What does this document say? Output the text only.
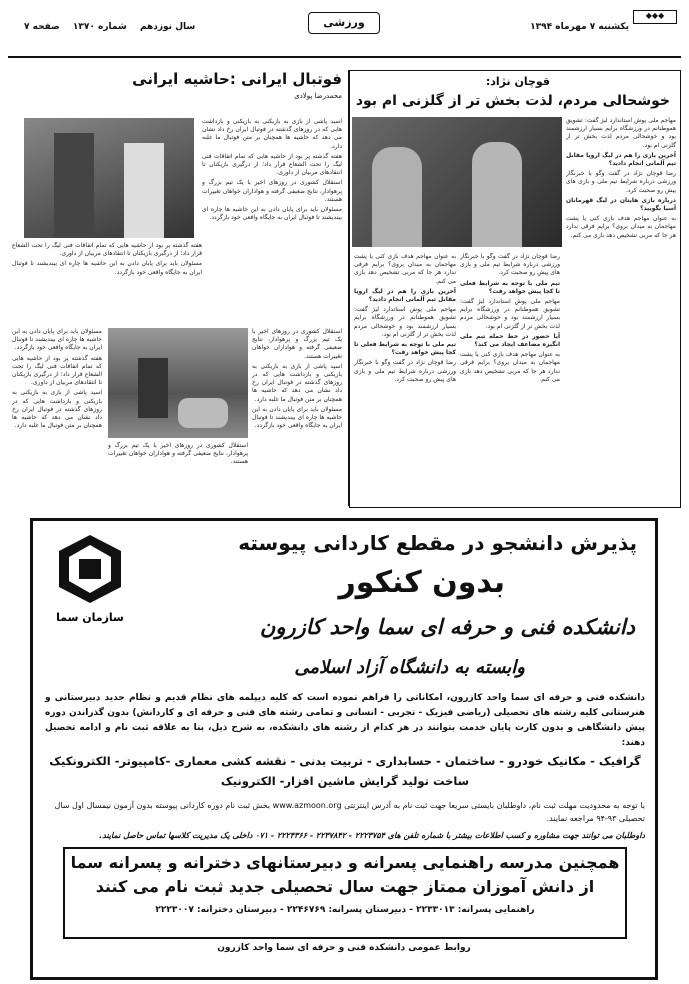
◆◆◆
یکشنبه ۷ مهرماه ۱۳۹۴
ورزشی
سال نوزدهم شماره ۱۳۷۰ صفحه ۷
قوچان نژاد:
خوشحالی مردم، لذت بخش تر از گلزنی ام بود

مهاجم ملی پوش استاندارد لیژ گفت: تشویق هموطنانم در ورزشگاه برایم بسیار ارزشمند بود و خوشحالی مردم لذت بخش تر از گلزنی ام بود.

آخرین بازی را هم در لیگ اروپا مقابل تیم آلمانی انجام دادید؟

رضا قوچان نژاد در گفت وگو با خبرنگار ورزشی درباره شرایط تیم ملی و بازی های پیش رو صحبت کرد.

درباره بازی هایتان در لیگ قهرمانان آسیا بگویید؟

به عنوان مهاجم هدف بازی کنی یا پشت مهاجمان به میدان بروی؟ برایم فرقی ندارد هر جا که مربی تشخیص دهد بازی می کنم.

رضا قوچان نژاد در گفت وگو با خبرنگار ورزشی درباره شرایط تیم ملی و بازی های پیش رو صحبت کرد.

تیم ملی با توجه به شرایط فعلی تا کجا پیش خواهد رفت؟

مهاجم ملی پوش استاندارد لیژ گفت: تشویق هموطنانم در ورزشگاه برایم بسیار ارزشمند بود و خوشحالی مردم لذت بخش تر از گلزنی ام بود.

آیا حضور در خط حمله تیم ملی انگیزه مضاعف ایجاد می کند؟

به عنوان مهاجم هدف بازی کنی یا پشت مهاجمان به میدان بروی؟ برایم فرقی ندارد هر جا که مربی تشخیص دهد بازی می کنم.

به عنوان مهاجم هدف بازی کنی یا پشت مهاجمان به میدان بروی؟ برایم فرقی ندارد هر جا که مربی تشخیص دهد بازی می کنم.

آخرین بازی را هم در لیگ اروپا مقابل تیم آلمانی انجام دادید؟

مهاجم ملی پوش استاندارد لیژ گفت: تشویق هموطنانم در ورزشگاه برایم بسیار ارزشمند بود و خوشحالی مردم لذت بخش تر از گلزنی ام بود.

تیم ملی با توجه به شرایط فعلی تا کجا پیش خواهد رفت؟

رضا قوچان نژاد در گفت وگو با خبرنگار ورزشی درباره شرایط تیم ملی و بازی های پیش رو صحبت کرد.

فوتبال ایرانی :حاشیه ایرانی
محمدرضا پولادی

اسید پاشی از بازی به بازیکنی به بازیکنی و بازداشت هایی که در روزهای گذشته در فوتبال ایران رخ داد نشان می دهد که حاشیه ها همچنان بر متن فوتبال ما غلبه دارد.

هفته گذشته پر بود از حاشیه هایی که تمام اتفاقات فنی لیگ را تحت الشعاع قرار داد؛ از درگیری بازیکنان تا انتقادهای مربیان از داوری.

استقلال کشوری در روزهای اخیر با یک تیم بزرگ و پرهوادار، نتایج ضعیفی گرفته و هواداران خواهان تغییرات هستند.

مسئولان باید برای پایان دادن به این حاشیه ها چاره ای بیندیشند تا فوتبال ایران به جایگاه واقعی خود بازگردد.

هفته گذشته پر بود از حاشیه هایی که تمام اتفاقات فنی لیگ را تحت الشعاع قرار داد؛ از درگیری بازیکنان تا انتقادهای مربیان از داوری.

مسئولان باید برای پایان دادن به این حاشیه ها چاره ای بیندیشند تا فوتبال ایران به جایگاه واقعی خود بازگردد.

استقلال کشوری در روزهای اخیر با یک تیم بزرگ و پرهوادار، نتایج ضعیفی گرفته و هواداران خواهان تغییرات هستند.

اسید پاشی از بازی به بازیکنی به بازیکنی و بازداشت هایی که در روزهای گذشته در فوتبال ایران رخ داد نشان می دهد که حاشیه ها همچنان بر متن فوتبال ما غلبه دارد.

مسئولان باید برای پایان دادن به این حاشیه ها چاره ای بیندیشند تا فوتبال ایران به جایگاه واقعی خود بازگردد.

مسئولان باید برای پایان دادن به این حاشیه ها چاره ای بیندیشند تا فوتبال ایران به جایگاه واقعی خود بازگردد.

هفته گذشته پر بود از حاشیه هایی که تمام اتفاقات فنی لیگ را تحت الشعاع قرار داد؛ از درگیری بازیکنان تا انتقادهای مربیان از داوری.

اسید پاشی از بازی به بازیکنی به بازیکنی و بازداشت هایی که در روزهای گذشته در فوتبال ایران رخ داد نشان می دهد که حاشیه ها همچنان بر متن فوتبال ما غلبه دارد.

استقلال کشوری در روزهای اخیر با یک تیم بزرگ و پرهوادار، نتایج ضعیفی گرفته و هواداران خواهان تغییرات هستند.

سازمان سما
پذیرش دانشجو در مقطع کاردانی پیوسته
بدون کنکور
دانشکده فنی و حرفه ای سما واحد کازرون
وابسته به دانشگاه آزاد اسلامی
دانشکده فنی و حرفه ای سما واحد کازرون، امکاناتی را فراهم نموده است که کلیه دیپلمه های نظام قدیم و نظام جدید دبیرستانی و هنرستانی کلیه رشته های تحصیلی (ریاضی فیزیک - تجربی - انسانی و تمامی رشته های فنی و حرفه ای و کاردانش) بدون گذراندن دوره پیش دانشگاهی و بدون کارت پایان خدمت بتوانند در هر کدام از رشته های دانشکده، به شرح ذیل، بنا به علاقه ثبت نام و ادامه تحصیل دهند:
گرافیک - مکانیک خودرو - ساختمان - حسابداری - تربیت بدنی - نقشه کشی معماری -کامپیوتر- الکترونکیک
ساخت تولید گرایش ماشین افزار- الکترونیک
با توجه به محدودیت مهلت ثبت نام، داوطلبان بایستی سریعا جهت ثبت نام به آدرس اینترنتی www.azmoon.org بخش ثبت نام دوره کاردانی پیوسته بدون آزمون نیمسال اول سال تحصیلی ۹۳-۹۴ مراجعه نمایند.
داوطلبان می توانند جهت مشاوره و کسب اطلاعات بیشتر با شماره تلفن های ۲۲۲۳۷۵۴ - ۲۲۳۷۸۴۲ - ۲۲۲۴۳۶۶ - ۰۷۱ داخلی یک مدیریت کلاسها تماس حاصل نمایند.
همچنین مدرسه راهنمایی پسرانه و دبیرستانهای دخترانه و پسرانه سما
از دانش آموزان ممتاز جهت سال تحصیلی جدید ثبت نام می کنند
راهنمایی پسرانه: ۲۲۳۳۰۱۳ - دبیرستان پسرانه: ۲۲۴۶۷۶۹ - دبیرستان دخترانه: ۲۲۲۳۰۰۷
روابط عمومی دانشکده فنی و حرفه ای سما واحد کازرون
